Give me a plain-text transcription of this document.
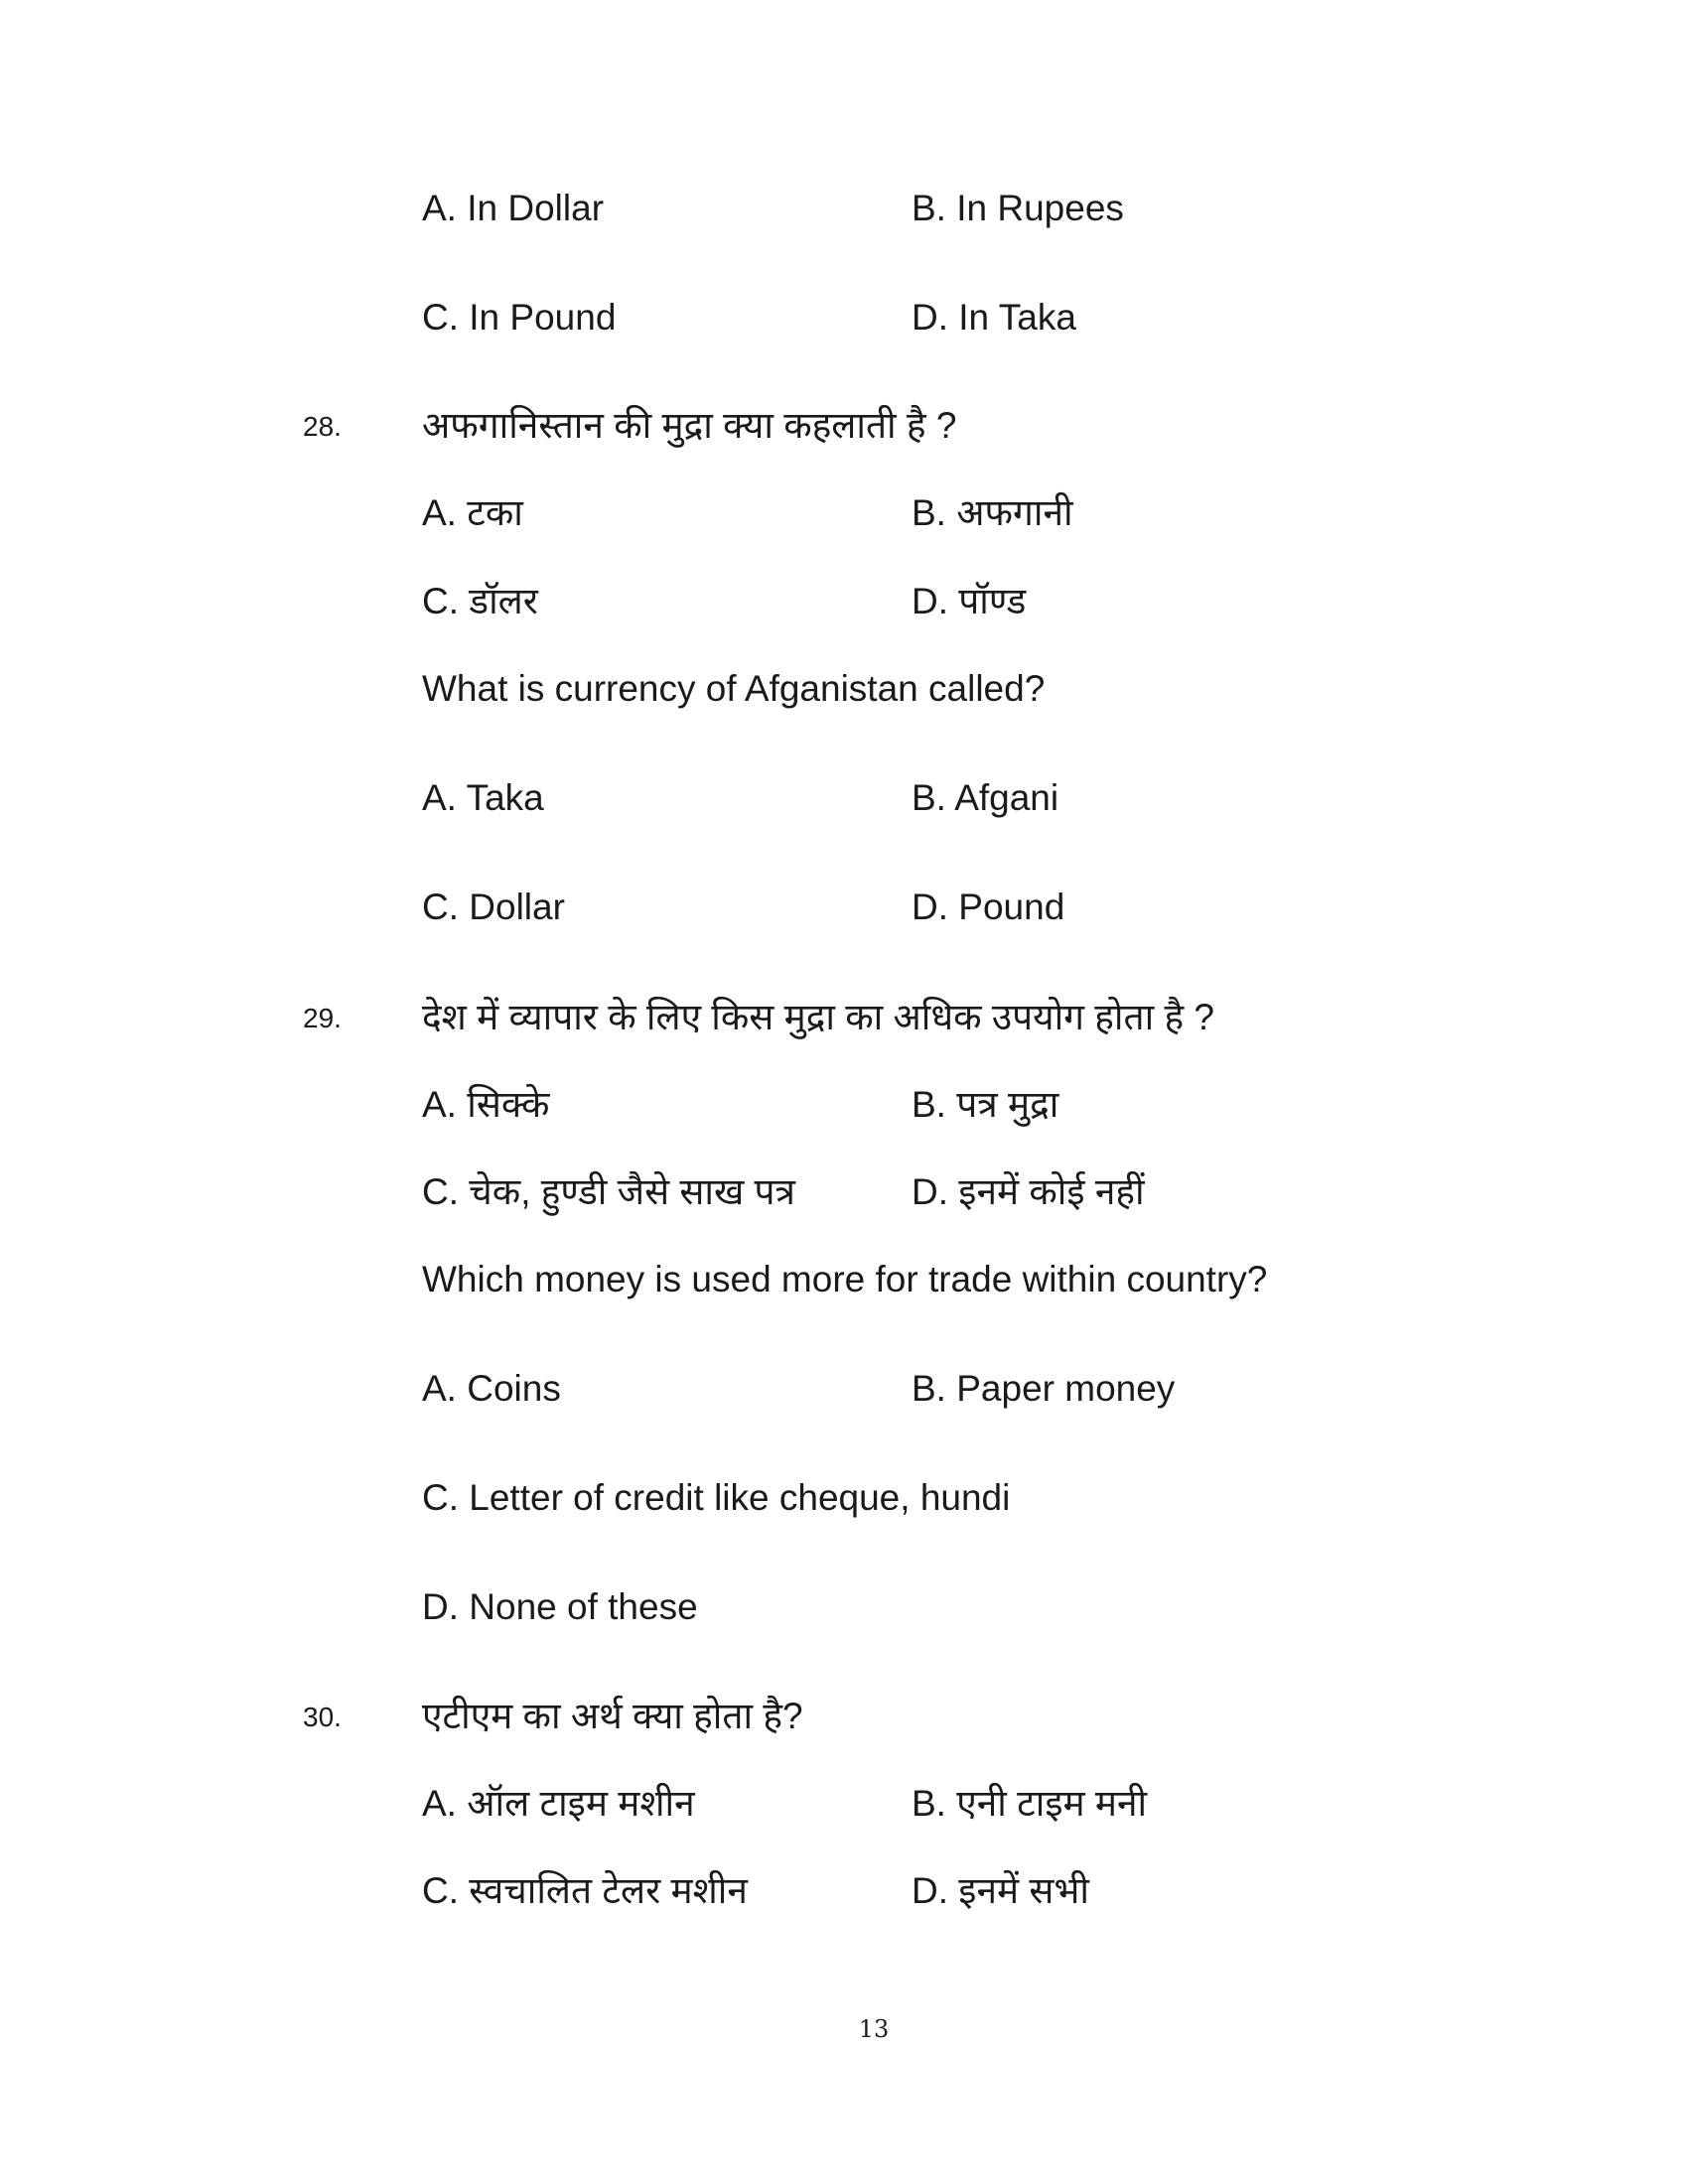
A. In Dollar	B. In Rupees
C. In Pound	D. In Taka
28. अफगानिस्तान की मुद्रा क्या कहलाती है ?
A. टका	B. अफगानी
C. डॉलर	D. पॉण्ड
What is currency of Afganistan called?
A. Taka	B. Afgani
C. Dollar	D. Pound
29. देश में व्यापार के लिए किस मुद्रा का अधिक उपयोग होता है ?
A. सिक्के	B. पत्र मुद्रा
C. चेक, हुण्डी जैसे साख पत्र	D. इनमें कोई नहीं
Which money is used more for trade within country?
A. Coins	B. Paper money
C. Letter of credit like cheque, hundi
D. None of these
30. एटीएम का अर्थ क्या होता है?
A. ऑल टाइम मशीन	B. एनी टाइम मनी
C. स्वचालित टेलर मशीन	D. इनमें सभी
13
